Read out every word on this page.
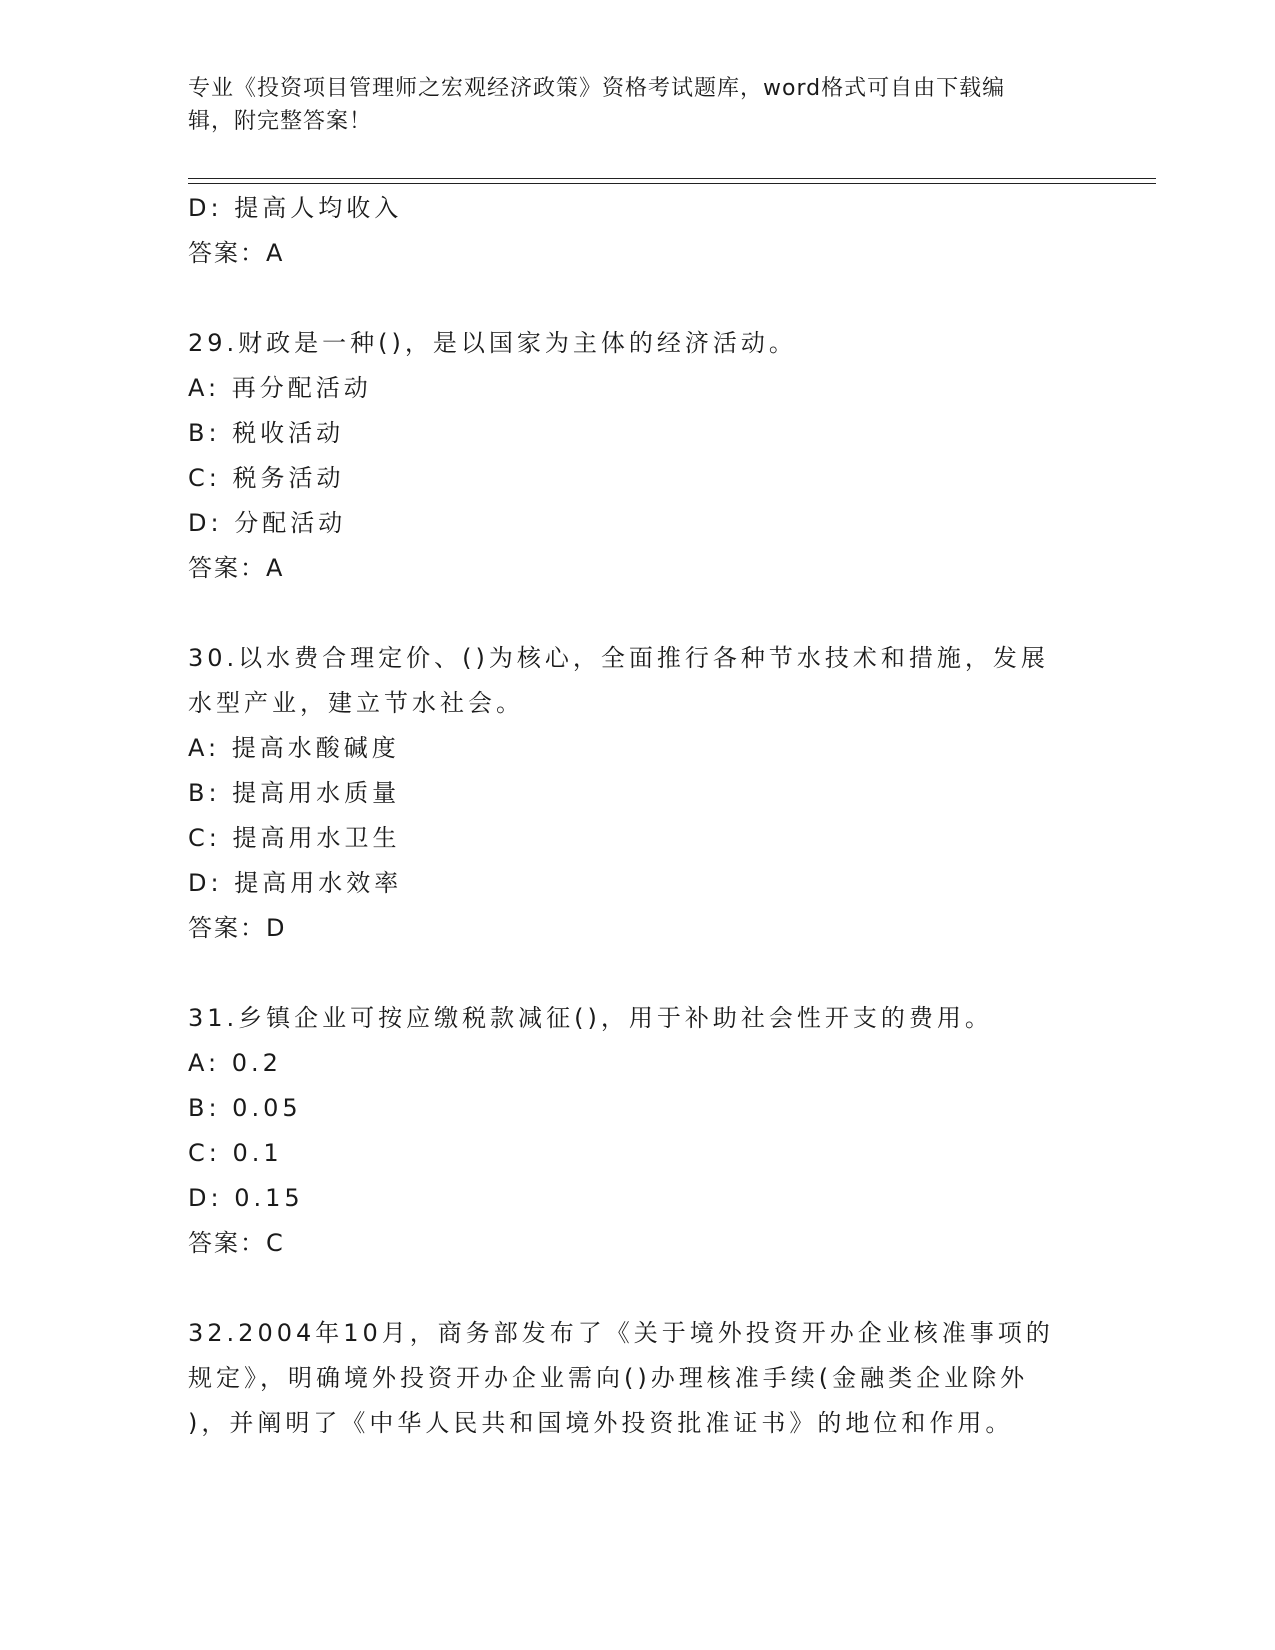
专业《投资项目管理师之宏观经济政策》资格考试题库，word格式可自由下载编
辑，附完整答案！
D: 提高人均收入
答案：A
29.财政是一种()，是以国家为主体的经济活动。
A: 再分配活动
B: 税收活动
C: 税务活动
D: 分配活动
答案：A
30.以水费合理定价、()为核心，全面推行各种节水技术和措施，发展
水型产业，建立节水社会。
A: 提高水酸碱度
B: 提高用水质量
C: 提高用水卫生
D: 提高用水效率
答案：D
31.乡镇企业可按应缴税款减征()，用于补助社会性开支的费用。
A: 0.2
B: 0.05
C: 0.1
D: 0.15
答案：C
32.2004年10月，商务部发布了《关于境外投资开办企业核准事项的
规定》，明确境外投资开办企业需向()办理核准手续(金融类企业除外
)，并阐明了《中华人民共和国境外投资批准证书》的地位和作用。
